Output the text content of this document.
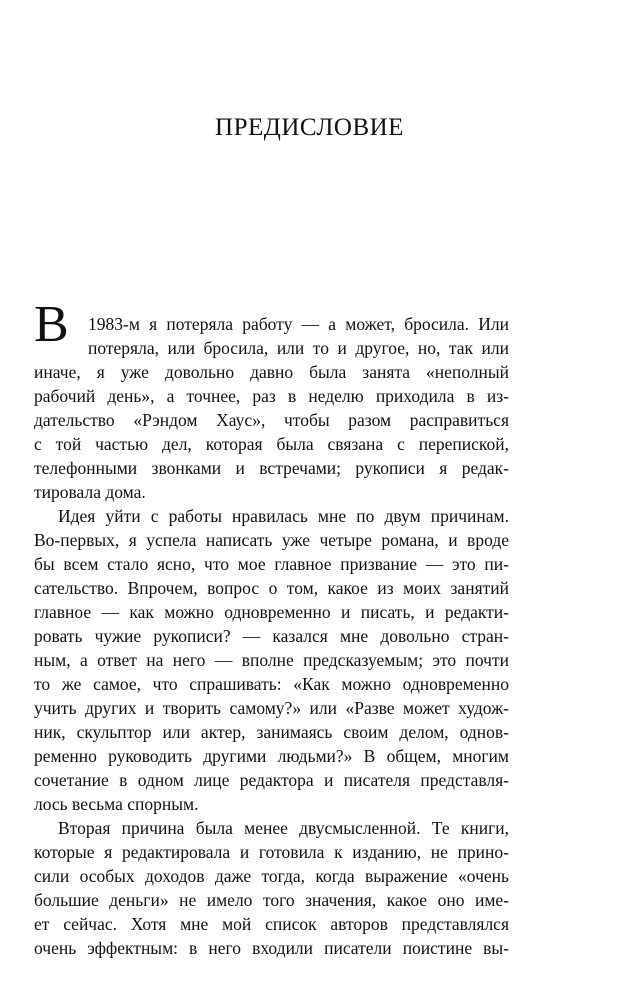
ПРЕДИСЛОВИЕ
В 1983-м я потеряла работу — а может, бросила. Или
потеряла, или бросила, или то и другое, но, так или
иначе, я уже довольно давно была занята «неполный
рабочий день», а точнее, раз в неделю приходила в из-
дательство «Рэндом Хаус», чтобы разом расправиться
с той частью дел, которая была связана с перепиской,
телефонными звонками и встречами; рукописи я редак-
тировала дома.
Идея уйти с работы нравилась мне по двум причинам.
Во-первых, я успела написать уже четыре романа, и вроде
бы всем стало ясно, что мое главное призвание — это пи-
сательство. Впрочем, вопрос о том, какое из моих занятий
главное — как можно одновременно и писать, и редакти-
ровать чужие рукописи? — казался мне довольно стран-
ным, а ответ на него — вполне предсказуемым; это почти
то же самое, что спрашивать: «Как можно одновременно
учить других и творить самому?» или «Разве может худож-
ник, скульптор или актер, занимаясь своим делом, однов-
ременно руководить другими людьми?» В общем, многим
сочетание в одном лице редактора и писателя представля-
лось весьма спорным.
Вторая причина была менее двусмысленной. Те книги,
которые я редактировала и готовила к изданию, не прино-
сили особых доходов даже тогда, когда выражение «очень
большие деньги» не имело того значения, какое оно име-
ет сейчас. Хотя мне мой список авторов представлялся
очень эффектным: в него входили писатели поистине вы-
